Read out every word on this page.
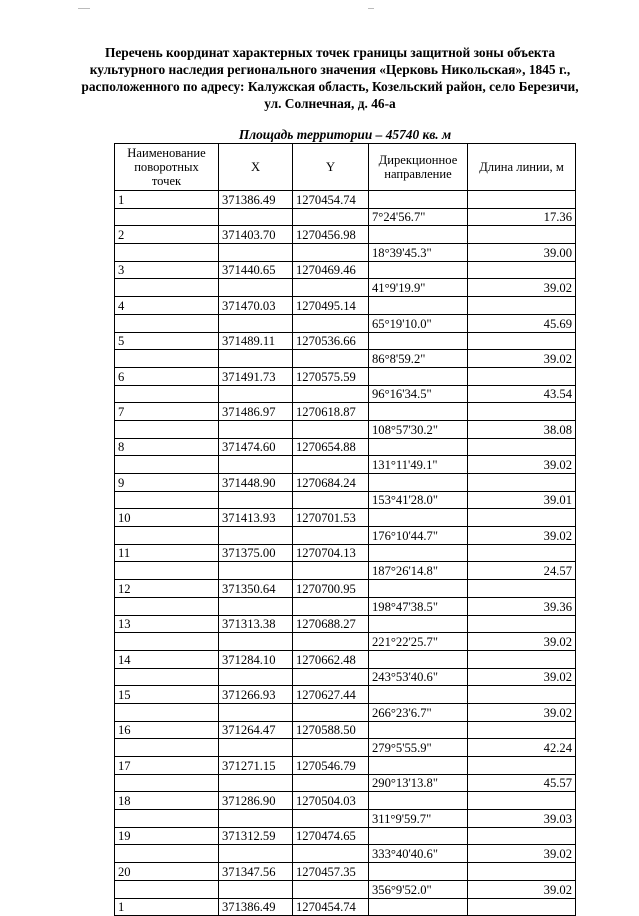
Перечень координат характерных точек границы защитной зоны объекта
культурного наследия регионального значения «Церковь Никольская», 1845 г.,
расположенного по адресу: Калужская область, Козельский район, село Березичи,
ул. Солнечная, д. 46-а
Площадь территории – 45740 кв. м
Наименование поворотных точек	X	Y	Дирекционное направление	Длина линии, м
1	371386.49	1270454.74		
			7°24'56.7"	17.36
2	371403.70	1270456.98		
			18°39'45.3"	39.00
3	371440.65	1270469.46		
			41°9'19.9"	39.02
4	371470.03	1270495.14		
			65°19'10.0"	45.69
5	371489.11	1270536.66		
			86°8'59.2"	39.02
6	371491.73	1270575.59		
			96°16'34.5"	43.54
7	371486.97	1270618.87		
			108°57'30.2"	38.08
8	371474.60	1270654.88		
			131°11'49.1"	39.02
9	371448.90	1270684.24		
			153°41'28.0"	39.01
10	371413.93	1270701.53		
			176°10'44.7"	39.02
11	371375.00	1270704.13		
			187°26'14.8"	24.57
12	371350.64	1270700.95		
			198°47'38.5"	39.36
13	371313.38	1270688.27		
			221°22'25.7"	39.02
14	371284.10	1270662.48		
			243°53'40.6"	39.02
15	371266.93	1270627.44		
			266°23'6.7"	39.02
16	371264.47	1270588.50		
			279°5'55.9"	42.24
17	371271.15	1270546.79		
			290°13'13.8"	45.57
18	371286.90	1270504.03		
			311°9'59.7"	39.03
19	371312.59	1270474.65		
			333°40'40.6"	39.02
20	371347.56	1270457.35		
			356°9'52.0"	39.02
1	371386.49	1270454.74		
